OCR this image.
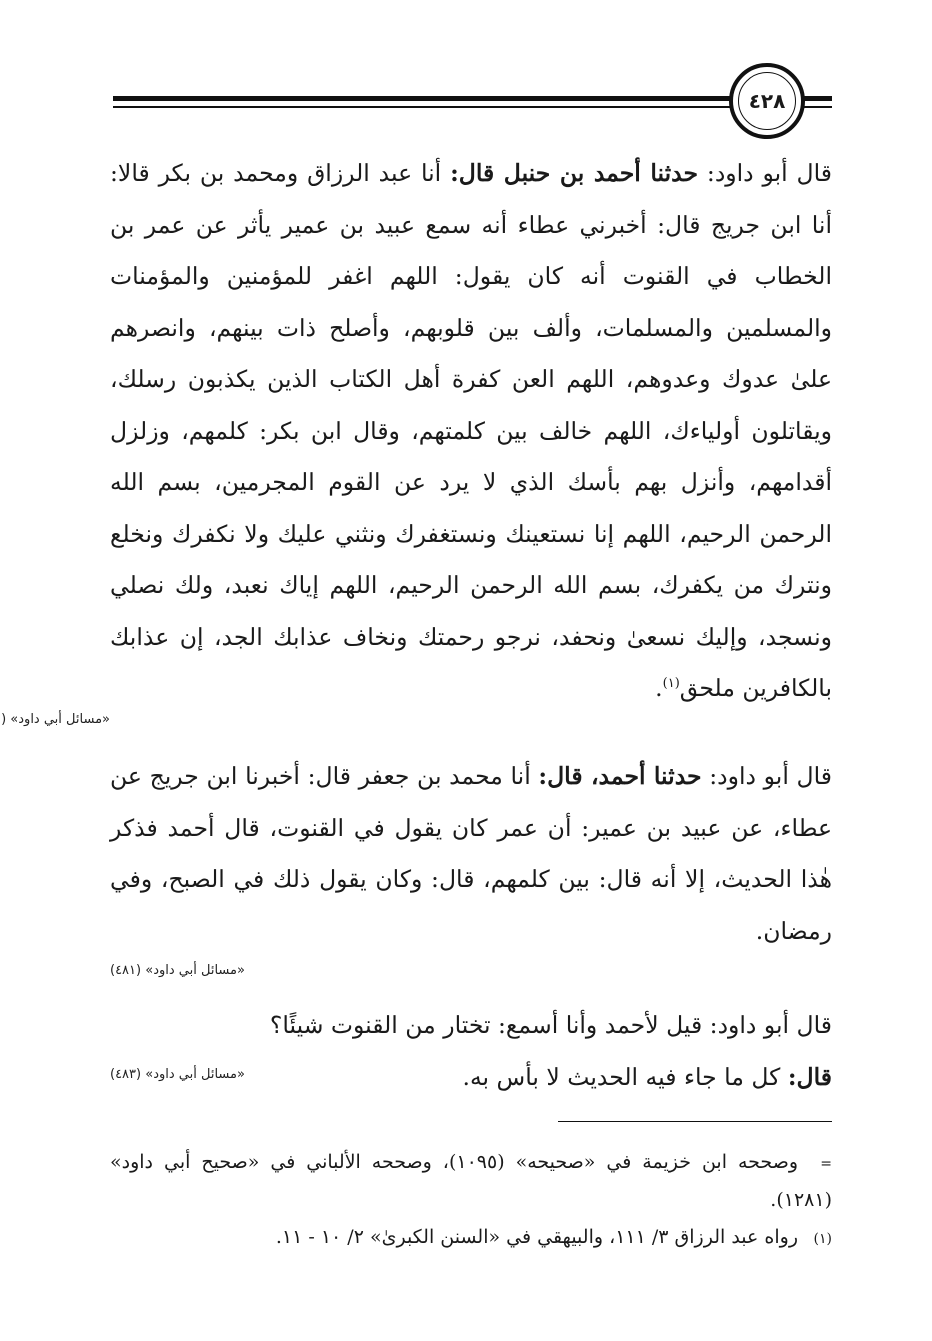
٤٢٨

قال أبو داود: حدثنا أحمد بن حنبل قال: أنا عبد الرزاق ومحمد بن بكر قالا: أنا ابن جريج قال: أخبرني عطاء أنه سمع عبيد بن عمير يأثر عن عمر بن الخطاب في القنوت أنه كان يقول: اللهم اغفر للمؤمنين والمؤمنات والمسلمين والمسلمات، وألف بين قلوبهم، وأصلح ذات بينهم، وانصرهم علىٰ عدوك وعدوهم، اللهم العن كفرة أهل الكتاب الذين يكذبون رسلك، ويقاتلون أولياءك، اللهم خالف بين كلمتهم، وقال ابن بكر: كلمهم، وزلزل أقدامهم، وأنزل بهم بأسك الذي لا يرد عن القوم المجرمين، بسم الله الرحمن الرحيم، اللهم إنا نستعينك ونستغفرك ونثني عليك ولا نكفرك ونخلع ونترك من يكفرك، بسم الله الرحمن الرحيم، اللهم إياك نعبد، ولك نصلي ونسجد، وإليك نسعىٰ ونحفد، نرجو رحمتك ونخاف عذابك الجد، إن عذابك بالكافرين ملحق$^{(١)}$.

«مسائل أبي داود» (

قال أبو داود: حدثنا أحمد، قال: أنا محمد بن جعفر قال: أخبرنا ابن جريج عن عطاء، عن عبيد بن عمير: أن عمر كان يقول في القنوت، قال أحمد فذكر هٰذا الحديث، إلا أنه قال: بين كلمهم، قال: وكان يقول ذلك في الصبح، وفي رمضان.

«مسائل أبي داود» (٤٨١)

قال أبو داود: قيل لأحمد وأنا أسمع: تختار من القنوت شيئًا؟

قال: كل ما جاء فيه الحديث لا بأس به.

«مسائل أبي داود» (٤٨٣)

=وصححه ابن خزيمة في «صحيحه» (١٠٩٥)، وصححه الألباني في «صحيح أبي داود» (١٢٨١).

(١)رواه عبد الرزاق ٣/ ١١١، والبيهقي في «السنن الكبرىٰ» ٢/ ١٠ - ١١.
